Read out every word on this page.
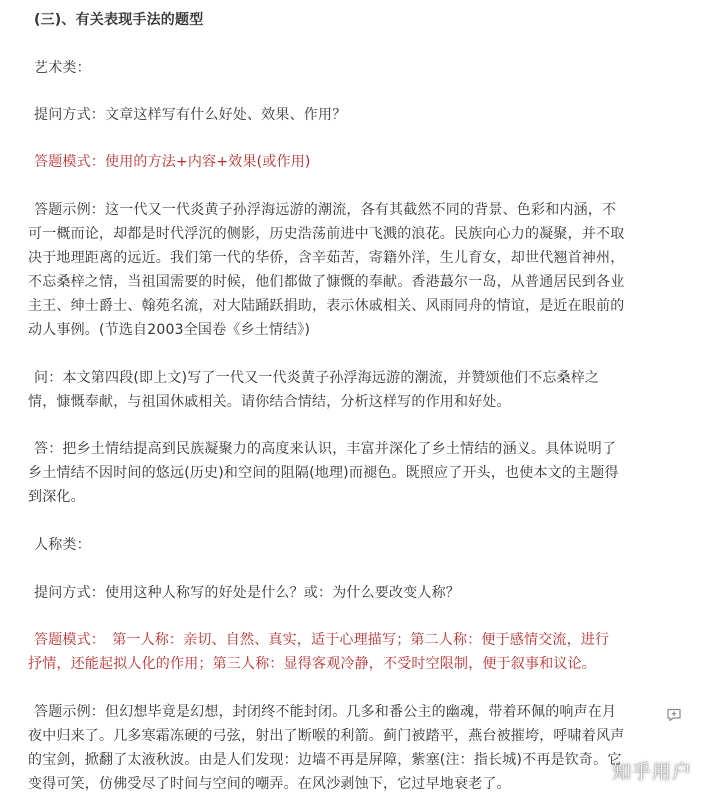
(三)、有关表现手法的题型
艺术类：
提问方式：文章这样写有什么好处、效果、作用？
答题模式：使用的方法+内容+效果(或作用)
答题示例：这一代又一代炎黄子孙浮海远游的潮流，各有其截然不同的背景、色彩和内涵，不
可一概而论，却都是时代浮沉的侧影，历史浩荡前进中飞溅的浪花。民族向心力的凝聚，并不取
决于地理距离的远近。我们第一代的华侨，含辛茹苦，寄籍外洋，生儿育女，却世代翘首神州，
不忘桑梓之情，当祖国需要的时候，他们都做了慷慨的奉献。香港蕞尔一岛，从普通居民到各业
主王、绅士爵士、翰苑名流，对大陆踊跃捐助，表示休戚相关、风雨同舟的情谊，是近在眼前的
动人事例。(节选自2003全国卷《乡土情结》)
问：本文第四段(即上文)写了一代又一代炎黄子孙浮海远游的潮流，并赞颂他们不忘桑梓之
情，慷慨奉献，与祖国休戚相关。请你结合情结，分析这样写的作用和好处。
答：把乡土情结提高到民族凝聚力的高度来认识，丰富并深化了乡土情结的涵义。具体说明了
乡土情结不因时间的悠远(历史)和空间的阻隔(地理)而褪色。既照应了开头，也使本文的主题得
到深化。
人称类：
提问方式：使用这种人称写的好处是什么？或：为什么要改变人称？
答题模式：　第一人称：亲切、自然、真实，适于心理描写；第二人称：便于感情交流，进行
抒情，还能起拟人化的作用；第三人称：显得客观冷静，不受时空限制，便于叙事和议论。
答题示例：但幻想毕竟是幻想，封闭终不能封闭。几多和番公主的幽魂，带着环佩的响声在月
夜中归来了。几多寒霜冻硬的弓弦，射出了断喉的利箭。蓟门被踏平，燕台被摧垮，呼啸着风声
的宝剑，掀翻了太液秋波。由是人们发现：边墙不再是屏障，紫塞(注：指长城)不再是钦奇。它
变得可笑，仿佛受尽了时间与空间的嘲弄。在风沙剥蚀下，它过早地衰老了。
知乎用户
